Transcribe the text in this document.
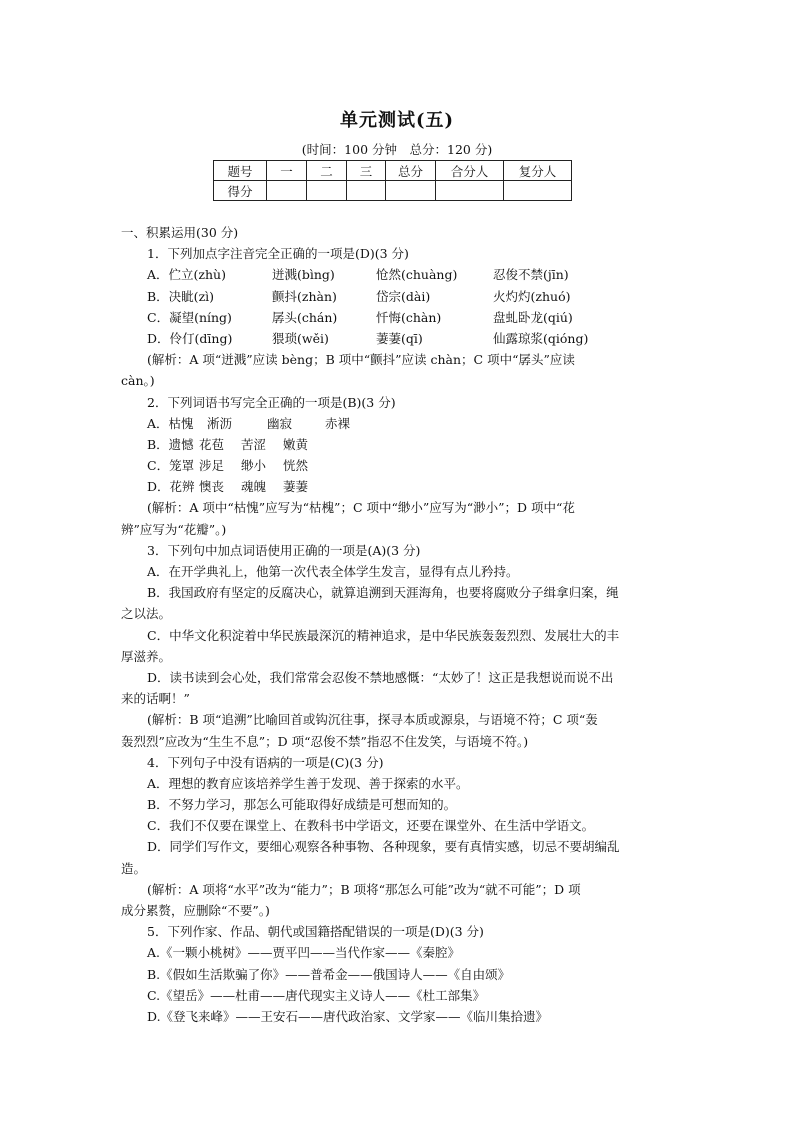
单元测试(五)
(时间：100 分钟　总分：120 分)
题号	一	二	三	总分	合分人	复分人
得分						
一、积累运用(30 分)
1．下列加点字注音完全正确的一项是(D)(3 分)
A．伫立(zhù)	迸溅(bìng)	怆然(chuàng)	忍俊不禁(jīn)
B．决眦(zì)	颤抖(zhàn)	岱宗(dài)	火灼灼(zhuó)
C．凝望(níng)	孱头(chán)	忏悔(chàn)	盘虬卧龙(qiú)
D．伶仃(dīng)	猥琐(wěi)	萋萋(qī)	仙露琼浆(qióng)
(解析：A 项“迸溅”应读 bèng；B 项中“颤抖”应读 chàn；C 项中“孱头”应读
càn。)
2．下列词语书写完全正确的一项是(B)(3 分)
A．枯愧 淅沥	幽寂	赤裸
B．遗憾 花苞 苦涩 嫩黄
C．笼罩 涉足 缈小 恍然
D．花辨 懊丧 魂魄 萋萋
(解析：A 项中“枯愧”应写为“枯槐”；C 项中“缈小”应写为“渺小”；D 项中“花
辨”应写为“花瓣”。)
3．下列句中加点词语使用正确的一项是(A)(3 分)
A．在开学典礼上，他第一次代表全体学生发言，显得有点儿矜持。
B．我国政府有坚定的反腐决心，就算追溯到天涯海角，也要将腐败分子缉拿归案，绳
之以法。
C．中华文化积淀着中华民族最深沉的精神追求，是中华民族轰轰烈烈、发展壮大的丰
厚滋养。
D．读书读到会心处，我们常常会忍俊不禁地感慨：“太妙了！这正是我想说而说不出
来的话啊！”
(解析：B 项“追溯”比喻回首或钩沉往事，探寻本质或源泉，与语境不符；C 项“轰
轰烈烈”应改为“生生不息”；D 项“忍俊不禁”指忍不住发笑，与语境不符。)
4．下列句子中没有语病的一项是(C)(3 分)
A．理想的教育应该培养学生善于发现、善于探索的水平。
B．不努力学习，那怎么可能取得好成绩是可想而知的。
C．我们不仅要在课堂上、在教科书中学语文，还要在课堂外、在生活中学语文。
D．同学们写作文，要细心观察各种事物、各种现象，要有真情实感，切忌不要胡编乱
造。
(解析：A 项将“水平”改为“能力”；B 项将“那怎么可能”改为“就不可能”；D 项
成分累赘，应删除“不要”。)
5．下列作家、作品、朝代或国籍搭配错误的一项是(D)(3 分)
A.《一颗小桃树》——贾平凹——当代作家——《秦腔》
B.《假如生活欺骗了你》——普希金——俄国诗人——《自由颂》
C.《望岳》——杜甫——唐代现实主义诗人——《杜工部集》
D.《登飞来峰》——王安石——唐代政治家、文学家——《临川集拾遗》
